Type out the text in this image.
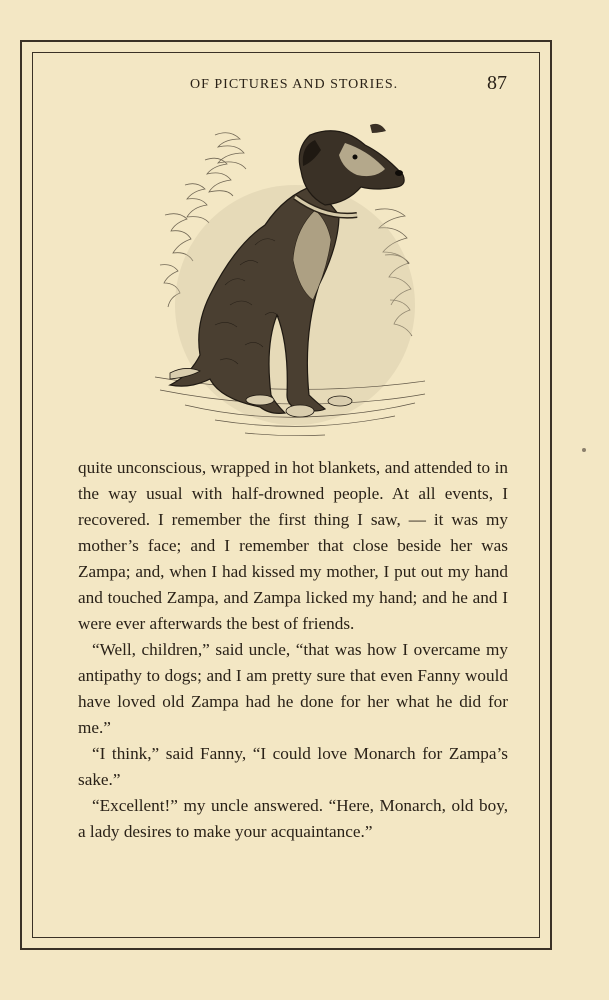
OF PICTURES AND STORIES.	87

quite unconscious, wrapped in hot blankets, and attended to in the way usual with half-drowned people. At all events, I recovered. I remember the first thing I saw, — it was my mother’s face; and I remember that close beside her was Zampa; and, when I had kissed my mother, I put out my hand and touched Zampa, and Zampa licked my hand; and he and I were ever afterwards the best of friends.

“Well, children,” said uncle, “that was how I overcame my antipathy to dogs; and I am pretty sure that even Fanny would have loved old Zampa had he done for her what he did for me.”

“I think,” said Fanny, “I could love Monarch for Zampa’s sake.”

“Excellent!” my uncle answered. “Here, Monarch, old boy, a lady desires to make your acquaintance.”
